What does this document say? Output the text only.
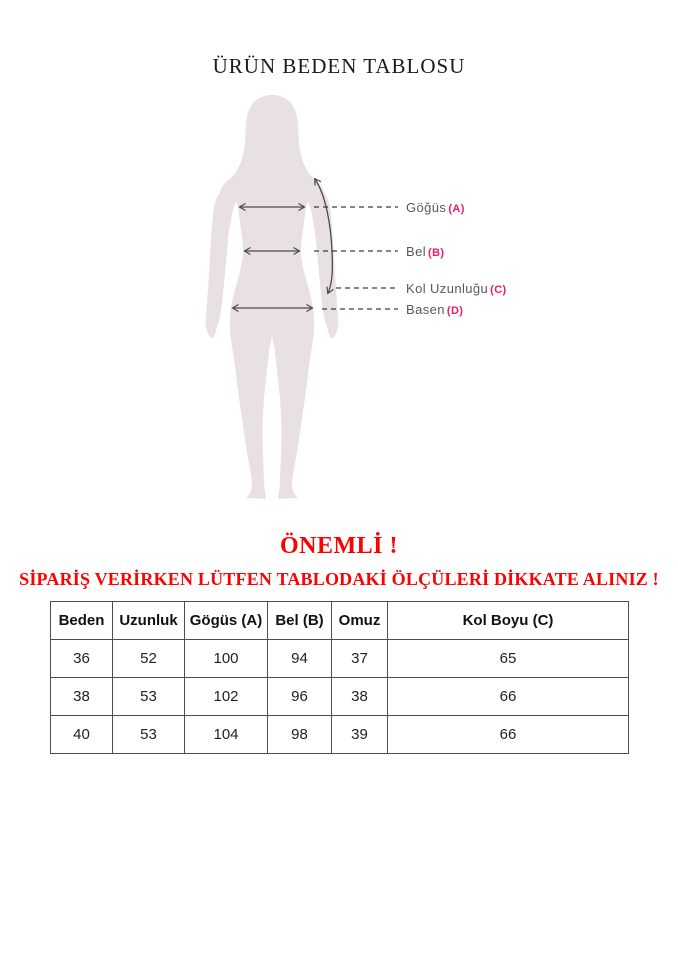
ÜRÜN BEDEN TABLOSU
Göğüs (A)
Bel (B)
Kol Uzunluğu (C)
Basen (D)
ÖNEMLİ !
SİPARİŞ VERİRKEN LÜTFEN TABLODAKİ ÖLÇÜLERİ DİKKATE ALINIZ !
Beden	Uzunluk	Gögüs (A)	Bel (B)	Omuz	Kol Boyu (C)
36	52	100	94	37	65
38	53	102	96	38	66
40	53	104	98	39	66
